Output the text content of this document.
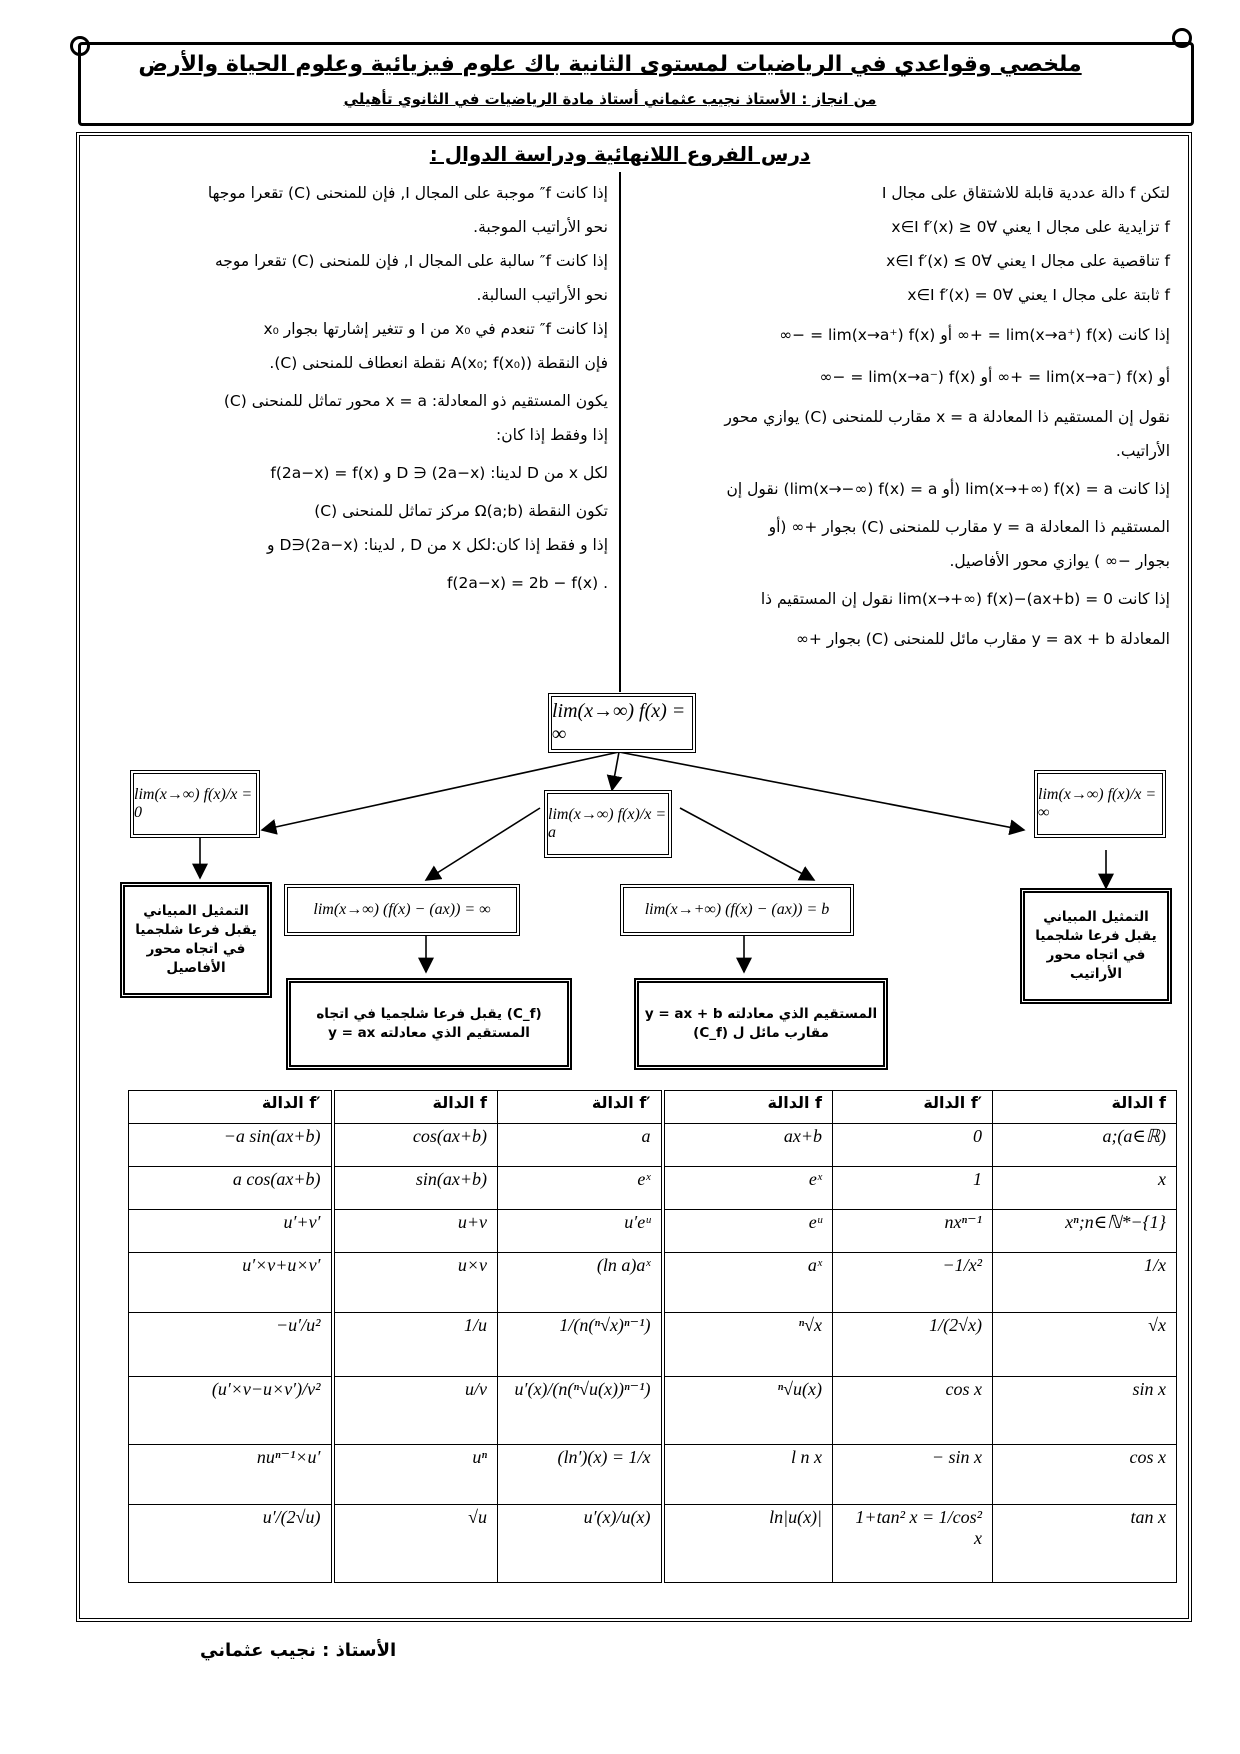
ملخصي وقواعدي في الرياضيات لمستوى الثانية باك علوم فيزيائية وعلوم الحياة والأرض
من انجاز : الأستاذ نجيب عثماني أستاذ مادة الرياضيات في الثانوي تأهيلي
درس الفروع اللانهائية ودراسة الدوال :
لتكن f دالة عددية قابلة للاشتقاق على مجال I
f تزايدية على مجال I يعني ∀x∈I f′(x) ≥ 0
f تناقصية على مجال I يعني ∀x∈I f′(x) ≤ 0
f ثابتة على مجال I يعني ∀x∈I f′(x) = 0
إذا كانت lim(x→a⁺) f(x) = +∞ أو lim(x→a⁺) f(x) = −∞
أو lim(x→a⁻) f(x) = +∞ أو lim(x→a⁻) f(x) = −∞
نقول إن المستقيم ذا المعادلة x = a مقارب للمنحنى (C) يوازي محور
الأراتيب.
إذا كانت lim(x→+∞) f(x) = a (أو lim(x→−∞) f(x) = a) نقول إن
المستقيم ذا المعادلة y = a مقارب للمنحنى (C) بجوار +∞ (أو
بجوار −∞ ) يوازي محور الأفاصيل.
إذا كانت lim(x→+∞) f(x)−(ax+b) = 0 نقول إن المستقيم ذا
المعادلة y = ax + b مقارب مائل للمنحنى (C) بجوار +∞
إذا كانت f″ موجبة على المجال I, فإن للمنحنى (C) تقعرا موجها
نحو الأراتيب الموجبة.
إذا كانت f″ سالبة على المجال I, فإن للمنحنى (C) تقعرا موجه
نحو الأراتيب السالبة.
إذا كانت f″ تنعدم في x₀ من I و تتغير إشارتها بجوار x₀
فإن النقطة A(x₀; f(x₀)) نقطة انعطاف للمنحنى (C).
يكون المستقيم ذو المعادلة: x = a محور تماثل للمنحنى (C)
إذا وفقط إذا كان:
لكل x من D لدينا: (2a−x) ∈ D و f(2a−x) = f(x)
تكون النقطة Ω(a;b) مركز تماثل للمنحنى (C)
إذا و فقط إذا كان:لكل x من D , لدينا: (2a−x)∈D و
. f(2a−x) = 2b − f(x)
lim(x→∞) f(x) = ∞
lim(x→∞) f(x)/x = 0	lim(x→∞) f(x)/x = a
lim(x→∞) f(x)/x = ∞
lim(x→∞) (f(x) − (ax)) = ∞	lim(x→+∞) (f(x) − (ax)) = b
التمثيل المبياني يقبل فرعا شلجميا في اتجاه محور الأفاصيل
التمثيل المبياني يقبل فرعا شلجميا في اتجاه محور الأراتيب
(C_f) يقبل فرعا شلجميا في اتجاه
المستقيم الذي معادلته y = ax
المستقيم الذي معادلته y = ax + b
مقارب مائل ل (C_f)
الدالة f′	الدالة f	الدالة f′	الدالة f	الدالة f′	الدالة f
−a sin(ax+b)	cos(ax+b)	a	ax+b	0	a;(a∈ℝ)
a cos(ax+b)	sin(ax+b)	eˣ	eˣ	1	x
u′+v′	u+v	u′eᵘ	eᵘ	nxⁿ⁻¹	xⁿ;n∈ℕ*−{1}
u′×v+u×v′	u×v	(ln a)aˣ	aˣ	−1/x²	1/x
−u′/u²	1/u	1/(n(ⁿ√x)ⁿ⁻¹)	ⁿ√x	1/(2√x)	√x
(u′×v−u×v′)/v²	u/v	u′(x)/(n(ⁿ√u(x))ⁿ⁻¹)	ⁿ√u(x)	cos x	sin x
nuⁿ⁻¹×u′	uⁿ	(ln′)(x) = 1/x	l n x	− sin x	cos x
u′/(2√u)	√u	u′(x)/u(x)	ln|u(x)|	1+tan² x = 1/cos² x	tan x
الأستاذ : نجيب عثماني
